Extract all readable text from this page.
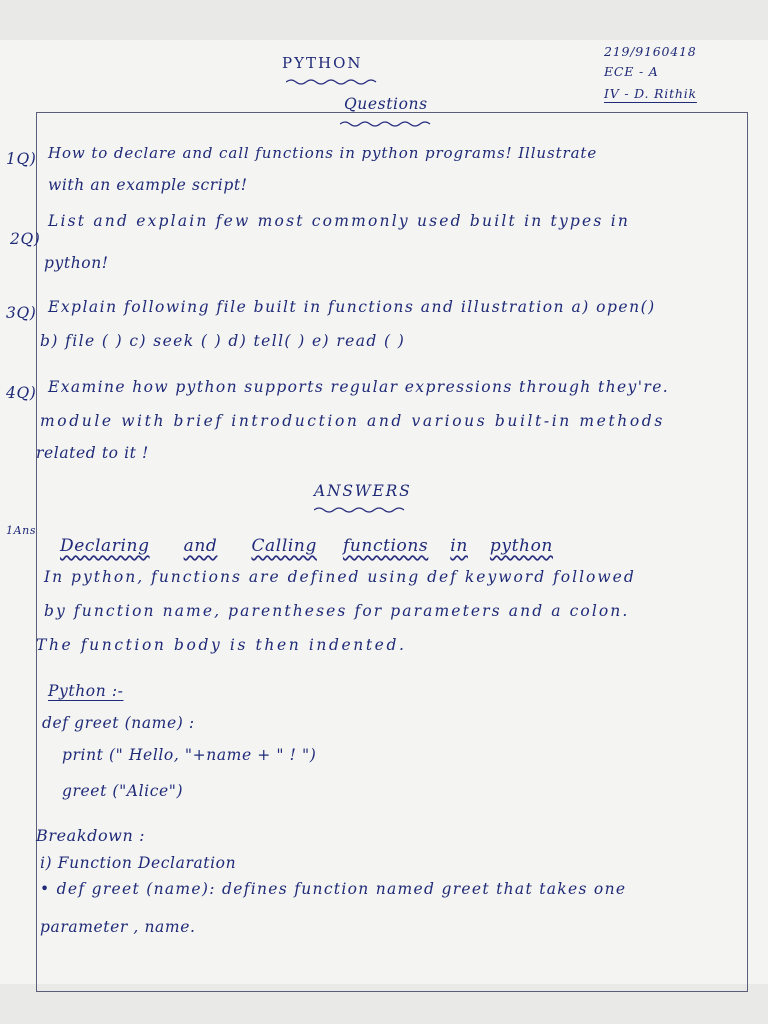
PYTHON
219/9160418
ECE - A
IV - D. Rithik
Questions
1Q) How to declare and call functions in python programs! Illustrate
with an example script!
2Q)
List and explain few most commonly used built in types in
python!
3Q) Explain following file built in functions and illustration a) open()
b) file ( ) c) seek ( ) d) tell( ) e) read ( )
4Q) Examine how python supports regular expressions through they're.
module with brief introduction and various built-in methods
related to it !
ANSWERS
1Ans
Declaring and Calling functions in python
In python, functions are defined using def keyword followed
by function name, parentheses for parameters and a colon.
The function body is then indented.
Python :-
def greet (name) :
print (" Hello, "+name + " ! ")
greet ("Alice")
Breakdown :
i) Function Declaration
• def greet (name): defines function named greet that takes one
parameter , name.
